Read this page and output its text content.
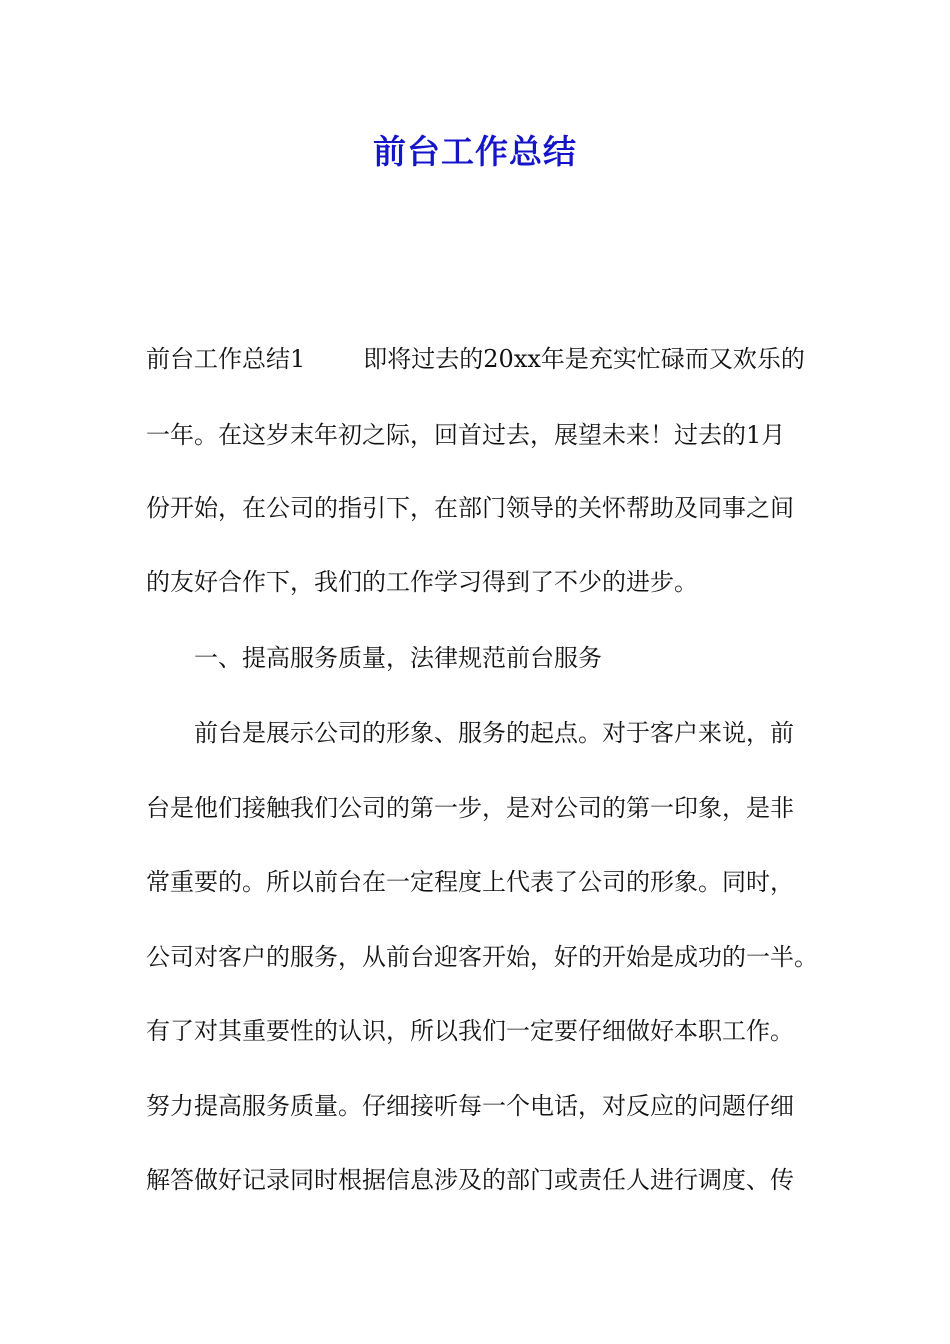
前台工作总结

前台工作总结1 即将过去的20xx年是充实忙碌而又欢乐的

一年。在这岁末年初之际，回首过去，展望未来！过去的1月

份开始，在公司的指引下，在部门领导的关怀帮助及同事之间

的友好合作下，我们的工作学习得到了不少的进步。

一、提高服务质量，法律规范前台服务

前台是展示公司的形象、服务的起点。对于客户来说，前

台是他们接触我们公司的第一步，是对公司的第一印象，是非

常重要的。所以前台在一定程度上代表了公司的形象。同时，

公司对客户的服务，从前台迎客开始，好的开始是成功的一半。

有了对其重要性的认识，所以我们一定要仔细做好本职工作。

努力提高服务质量。仔细接听每一个电话，对反应的问题仔细

解答做好记录同时根据信息涉及的部门或责任人进行调度、传
